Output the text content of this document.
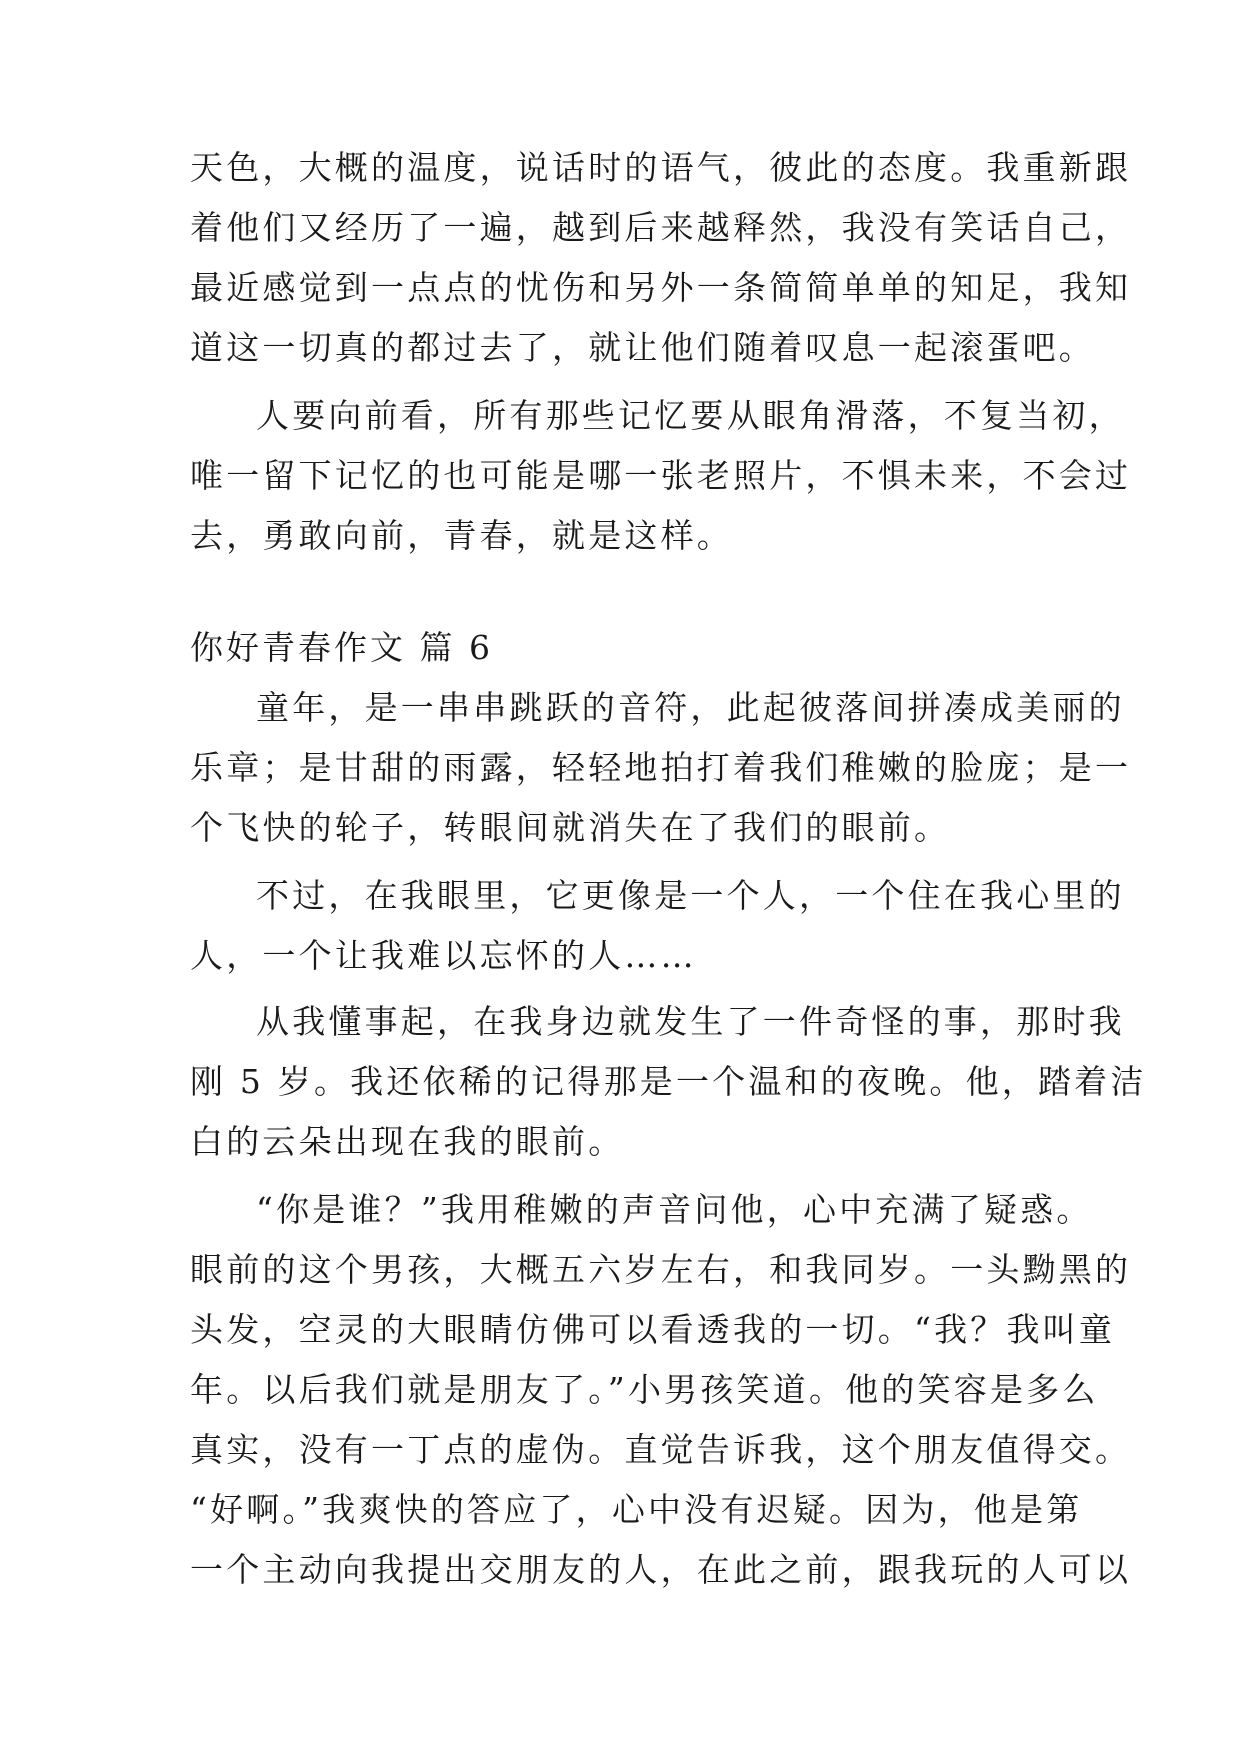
天色，大概的温度，说话时的语气，彼此的态度。我重新跟
着他们又经历了一遍，越到后来越释然，我没有笑话自己，
最近感觉到一点点的忧伤和另外一条简简单单的知足，我知
道这一切真的都过去了，就让他们随着叹息一起滚蛋吧。
人要向前看，所有那些记忆要从眼角滑落，不复当初，
唯一留下记忆的也可能是哪一张老照片，不惧未来，不会过
去，勇敢向前，青春，就是这样。
你好青春作文 篇 6
童年，是一串串跳跃的音符，此起彼落间拼凑成美丽的
乐章；是甘甜的雨露，轻轻地拍打着我们稚嫩的脸庞；是一
个飞快的轮子，转眼间就消失在了我们的眼前。
不过，在我眼里，它更像是一个人，一个住在我心里的
人，一个让我难以忘怀的人……
从我懂事起，在我身边就发生了一件奇怪的事，那时我
刚 5 岁。我还依稀的记得那是一个温和的夜晚。他，踏着洁
白的云朵出现在我的眼前。
“你是谁？”我用稚嫩的声音问他，心中充满了疑惑。
眼前的这个男孩，大概五六岁左右，和我同岁。一头黝黑的
头发，空灵的大眼睛仿佛可以看透我的一切。“我？我叫童
年。以后我们就是朋友了。”小男孩笑道。他的笑容是多么
真实，没有一丁点的虚伪。直觉告诉我，这个朋友值得交。
“好啊。”我爽快的答应了，心中没有迟疑。因为，他是第
一个主动向我提出交朋友的人，在此之前，跟我玩的人可以
